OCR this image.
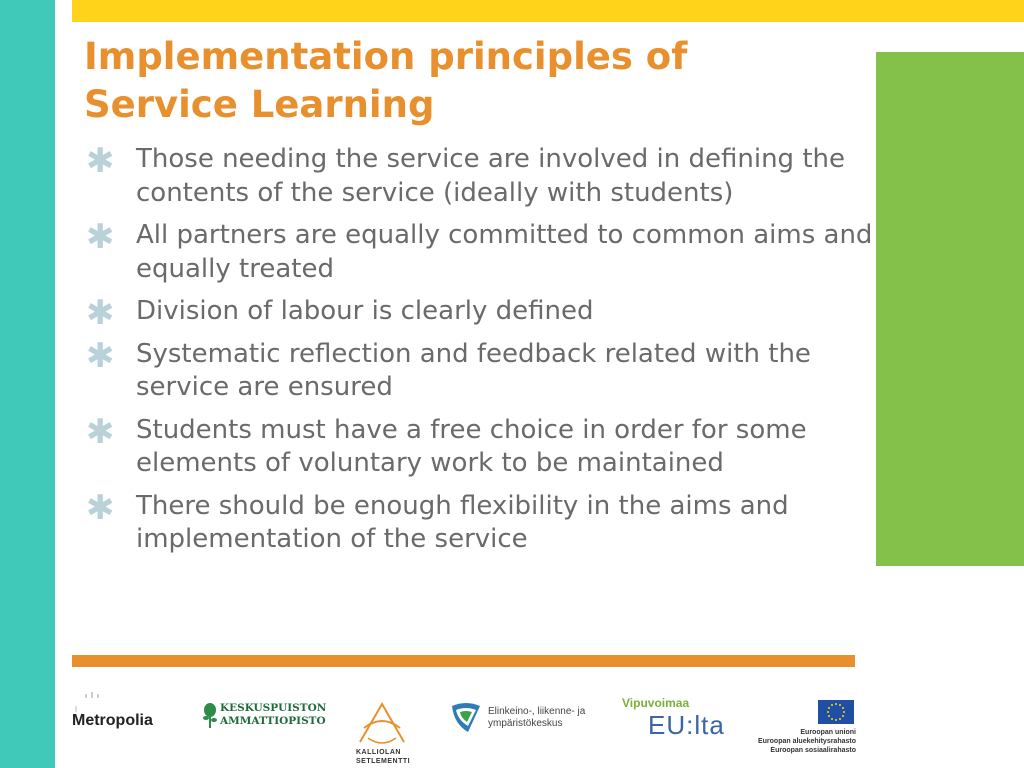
Implementation principles of
Service Learning
✱ Those needing the service are involved in defining the contents of the service (ideally with students)
✱ All partners are equally committed to common aims and equally treated
✱ Division of labour is clearly defined
✱ Systematic reflection and feedback related with the service are ensured
✱ Students must have a free choice in order for some elements of voluntary work to be maintained
✱ There should be enough flexibility in the aims and implementation of the service
Metropolia
KESKUSPUISTON
AMMATTIOPISTO
KALLIOLAN
SETLEMENTTI
Elinkeino-, liikenne- ja
ympäristökeskus
Vipuvoimaa
EU:lta	Euroopan unioni
Euroopan aluekehitysrahasto
Euroopan sosiaalirahasto
